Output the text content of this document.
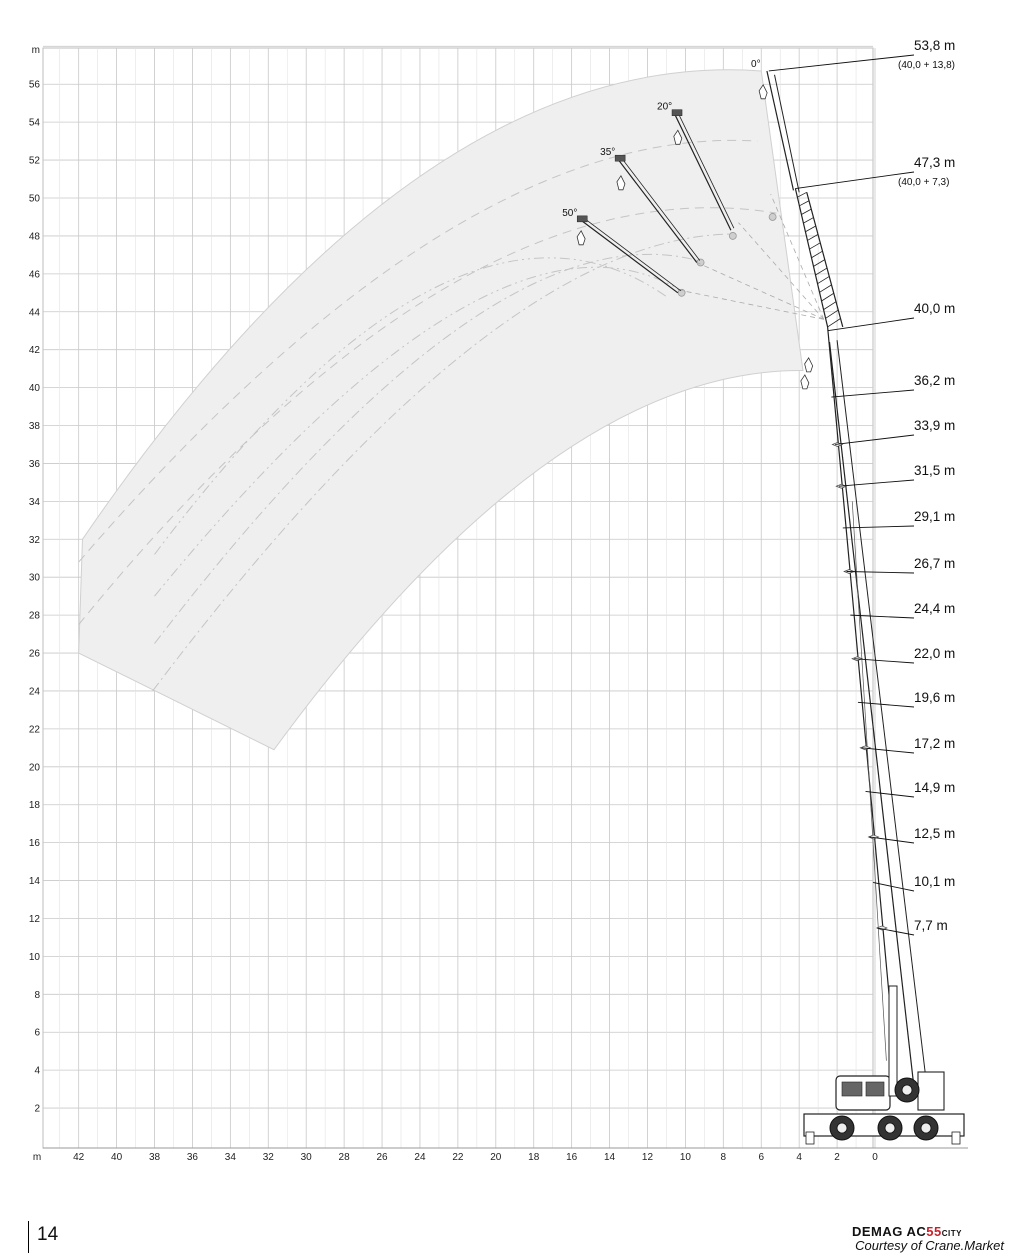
0°
20°
35°
50°
53,8 m
(40,0 + 13,8)
47,3 m
(40,0 + 7,3)
40,0 m
36,2 m
33,9 m
31,5 m
29,1 m
26,7 m
24,4 m
22,0 m
19,6 m
17,2 m
14,9 m
12,5 m
10,1 m
7,7 m
42	40	38	36	34	32	30	28	26	24	22	20	18	16	14	12	10	8	6	4	2	0
2
4
6
8
10
12
14
16
18
20
22
24
26
28
30
32
34
36
38
40
42
44
46
48
50
52
54
56
m
m
14	DEMAG AC55CITY
Courtesy of Crane.Market
